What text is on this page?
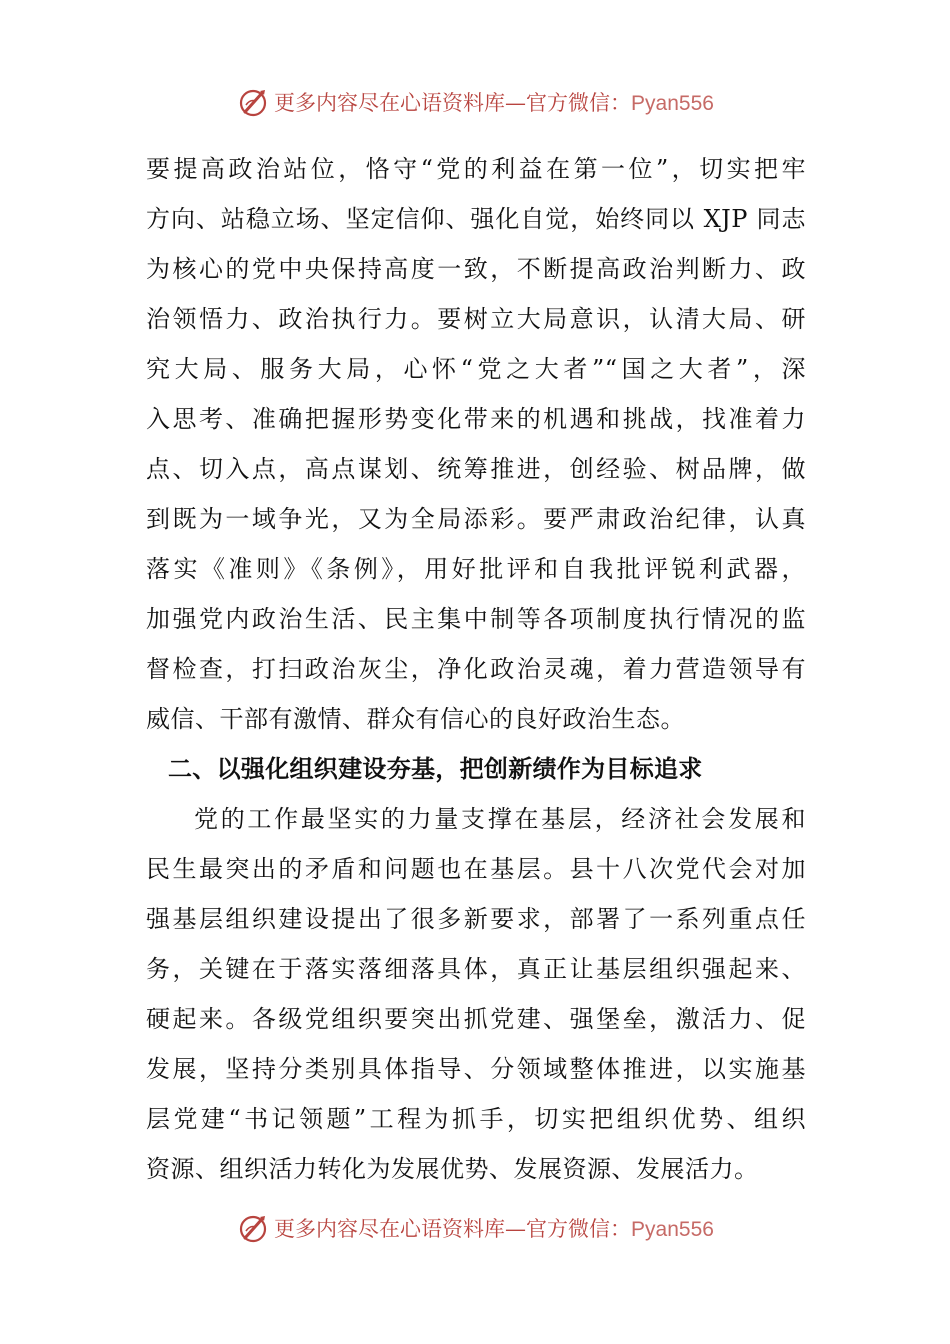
更多内容尽在心语资料库—官方微信：Pyan556
要提高政治站位，恪守“党的利益在第一位”，切实把牢
方向、站稳立场、坚定信仰、强化自觉，始终同以 XJP 同志
为核心的党中央保持高度一致，不断提高政治判断力、政
治领悟力、政治执行力。要树立大局意识，认清大局、研
究大局、服务大局，心怀“党之大者”“国之大者”，深
入思考、准确把握形势变化带来的机遇和挑战，找准着力
点、切入点，高点谋划、统筹推进，创经验、树品牌，做
到既为一域争光，又为全局添彩。要严肃政治纪律，认真
落实《准则》《条例》，用好批评和自我批评锐利武器，
加强党内政治生活、民主集中制等各项制度执行情况的监
督检查，打扫政治灰尘，净化政治灵魂，着力营造领导有
威信、干部有激情、群众有信心的良好政治生态。
二、以强化组织建设夯基，把创新绩作为目标追求
党的工作最坚实的力量支撑在基层，经济社会发展和
民生最突出的矛盾和问题也在基层。县十八次党代会对加
强基层组织建设提出了很多新要求，部署了一系列重点任
务，关键在于落实落细落具体，真正让基层组织强起来、
硬起来。各级党组织要突出抓党建、强堡垒，激活力、促
发展，坚持分类别具体指导、分领域整体推进，以实施基
层党建“书记领题”工程为抓手，切实把组织优势、组织
资源、组织活力转化为发展优势、发展资源、发展活力。
更多内容尽在心语资料库—官方微信：Pyan556
